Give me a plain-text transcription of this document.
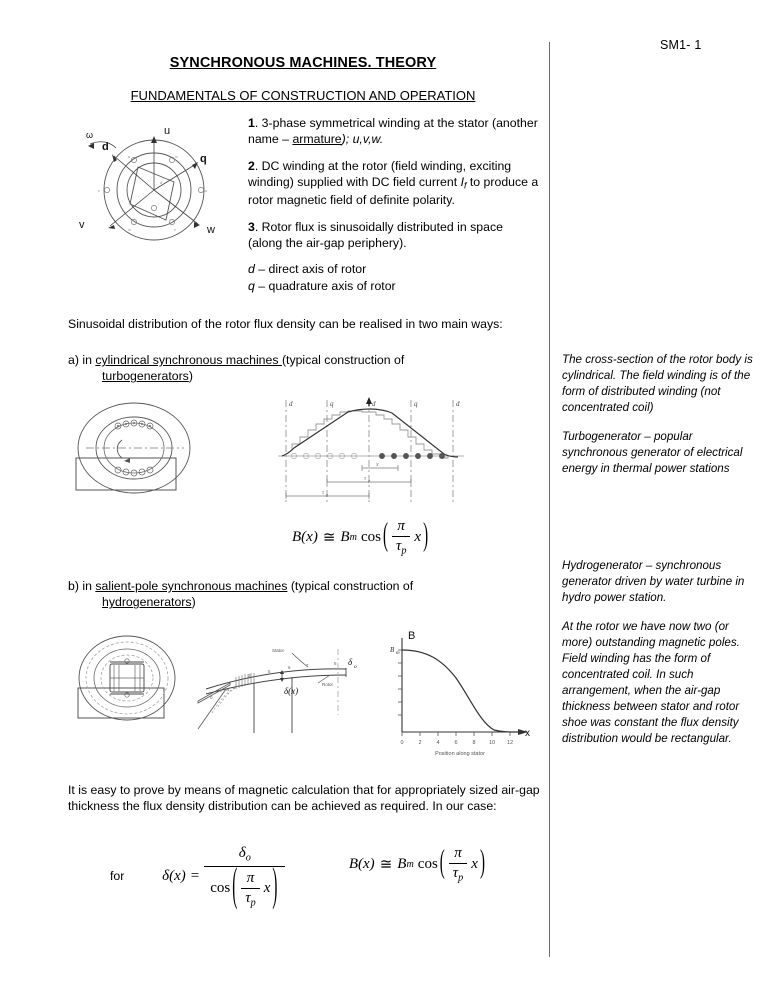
SM1- 1
SYNCHRONOUS MACHINES. THEORY
FUNDAMENTALS OF CONSTRUCTION AND OPERATION
u	w
v	u
w	v
d
u
v	w
d
q
ω

1. 3-phase symmetrical winding at the stator (another name – armature); u,v,w.

2. DC winding at the rotor (field winding, exciting winding) supplied with DC field current $I_f$ to produce a rotor magnetic field of definite polarity.

3. Rotor flux is sinusoidally distributed in space (along the air-gap periphery).

d – direct axis of rotor
q – quadrature axis of rotor

Sinusoidal distribution of the rotor flux density can be realised in two main ways:

a) in cylindrical synchronous machines (typical construction of

turbogenerators)

d	q	d	q	d
x
τ
τ p
p
B (x) ≅ B m cos ( $\frac{\pi}{\tau_p}$ x )

The cross-section of the rotor body is cylindrical. The field winding is of the form of distributed winding (not concentrated coil)

Turbogenerator – popular synchronous generator of electrical energy in thermal power stations

b) in salient-pole synchronous machines (typical construction of

hydrogenerators)

Hydrogenerator – synchronous generator driven by water turbine in hydro power station.

At the rotor we have now two (or more) outstanding magnetic poles. Field winding has the form of concentrated coil. In such arrangement, when the air-gap thickness between stator and rotor shoe was constant the flux density distribution would be rectangular.

0
w
3
5
6	7	8
Stator
Rotor
δ(x)
δ o
0	2	4	6	8 10 12
B
x
Position along stator
B m

It is easy to prove by means of magnetic calculation that for appropriately sized air-gap thickness the flux density distribution can be achieved as required. In our case:

for	δ (x) =
$\delta_o$
cos ( $\frac{\pi}{\tau_p}$ x )
	B (x) ≅ B m cos ( $\frac{\pi}{\tau_p}$ x )
